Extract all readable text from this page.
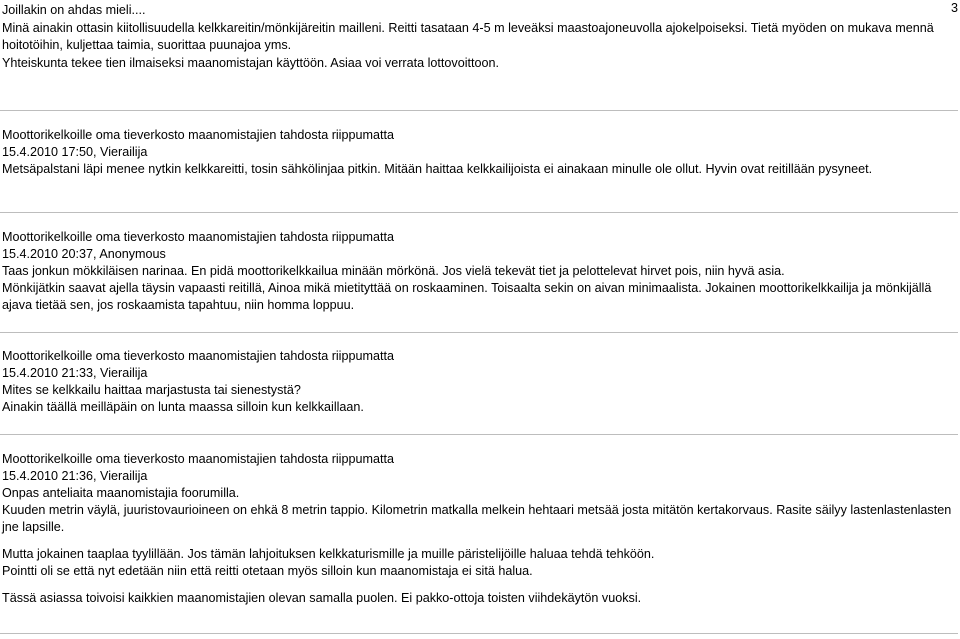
3

Joillakin on ahdas mieli....

Minä ainakin ottasin kiitollisuudella kelkkareitin/mönkijäreitin mailleni. Reitti tasataan 4-5 m leveäksi maastoajoneuvolla ajokelpoiseksi. Tietä myöden on mukava mennä hoitotöihin, kuljettaa taimia, suorittaa puunajoa yms.

Yhteiskunta tekee tien ilmaiseksi maanomistajan käyttöön. Asiaa voi verrata lottovoittoon.

Moottorikelkoille oma tieverkosto maanomistajien tahdosta riippumatta

15.4.2010 17:50, Vierailija

Metsäpalstani läpi menee nytkin kelkkareitti, tosin sähkölinjaa pitkin. Mitään haittaa kelkkailijoista ei ainakaan minulle ole ollut. Hyvin ovat reitillään pysyneet.

Moottorikelkoille oma tieverkosto maanomistajien tahdosta riippumatta

15.4.2010 20:37, Anonymous

Taas jonkun mökkiläisen narinaa. En pidä moottorikelkkailua minään mörkönä. Jos vielä tekevät tiet ja pelottelevat hirvet pois, niin hyvä asia.

Mönkijätkin saavat ajella täysin vapaasti reitillä, Ainoa mikä mietityttää on roskaaminen. Toisaalta sekin on aivan minimaalista. Jokainen moottorikelkkailija ja mönkijällä ajava tietää sen, jos roskaamista tapahtuu, niin homma loppuu.

Moottorikelkoille oma tieverkosto maanomistajien tahdosta riippumatta

15.4.2010 21:33, Vierailija

Mites se kelkkailu haittaa marjastusta tai sienestystä?

Ainakin täällä meilläpäin on lunta maassa silloin kun kelkkaillaan.

Moottorikelkoille oma tieverkosto maanomistajien tahdosta riippumatta

15.4.2010 21:36, Vierailija

Onpas anteliaita maanomistajia foorumilla.

Kuuden metrin väylä, juuristovaurioineen on ehkä 8 metrin tappio. Kilometrin matkalla melkein hehtaari metsää josta mitätön kertakorvaus. Rasite säilyy lastenlastenlasten jne lapsille.

Mutta jokainen taaplaa tyylillään. Jos tämän lahjoituksen kelkkaturismille ja muille päristelijöille haluaa tehdä tehköön.

Pointti oli se että nyt edetään niin että reitti otetaan myös silloin kun maanomistaja ei sitä halua.

Tässä asiassa toivoisi kaikkien maanomistajien olevan samalla puolen. Ei pakko-ottoja toisten viihdekäytön vuoksi.
